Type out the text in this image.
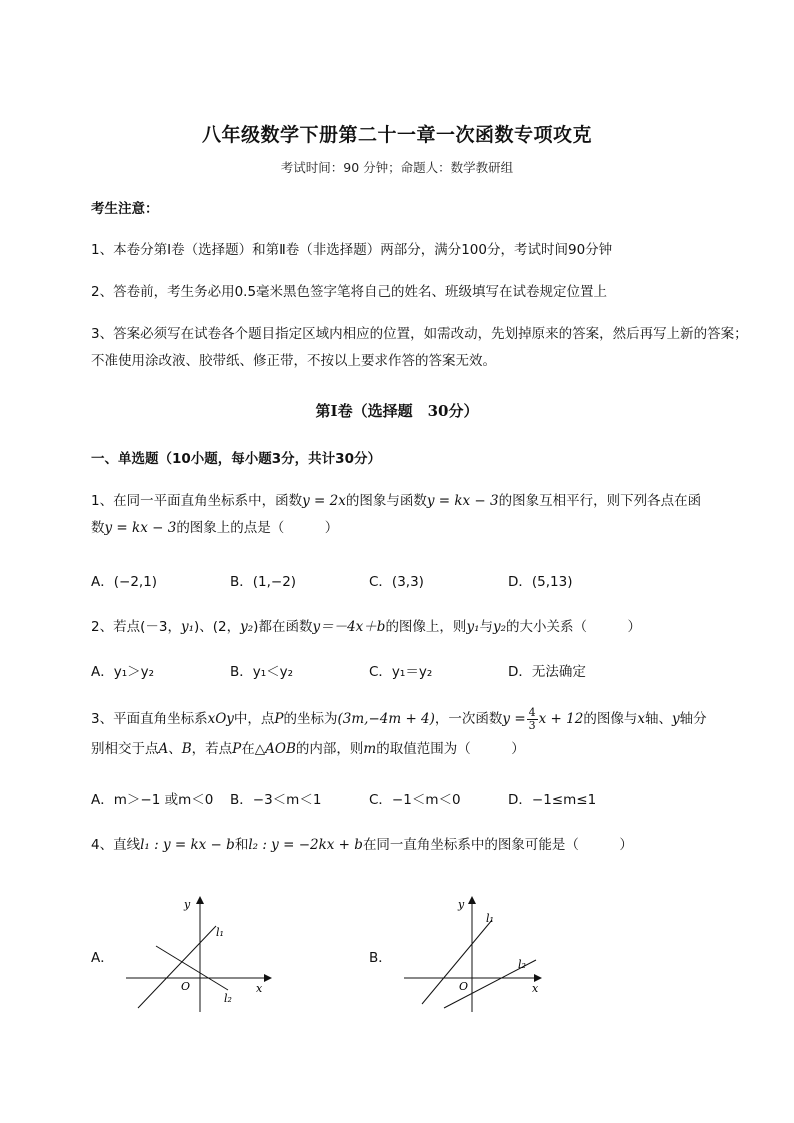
八年级数学下册第二十一章一次函数专项攻克
考试时间：90 分钟；命题人：数学教研组
考生注意：
1、本卷分第Ⅰ卷（选择题）和第Ⅱ卷（非选择题）两部分，满分100分，考试时间90分钟
2、答卷前，考生务必用0.5毫米黑色签字笔将自己的姓名、班级填写在试卷规定位置上
3、答案必须写在试卷各个题目指定区域内相应的位置，如需改动，先划掉原来的答案，然后再写上新的答案；不准使用涂改液、胶带纸、修正带，不按以上要求作答的答案无效。
第Ⅰ卷（选择题　30分）
一、单选题（10小题，每小题3分，共计30分）
1、在同一平面直角坐标系中，函数y = 2x的图象与函数y = kx − 3的图象互相平行，则下列各点在函
数y = kx − 3的图象上的点是（　　　）
A．(−2,1)	B．(1,−2)	C．(3,3)	D．(5,13)
2、若点(－3，y₁)、(2，y₂)都在函数y＝－4x＋b的图像上，则y₁与y₂的大小关系（　　　）
A．y₁＞y₂	B．y₁＜y₂	C．y₁＝y₂	D．无法确定
3、平面直角坐标系xOy中，点P的坐标为(3m,−4m + 4)，一次函数$y = \frac{4}{3}$ x + 12的图像与x轴、y轴分
别相交于点A、B，若点P在△AOB的内部，则m的取值范围为（　　　）
A．m＞−1 或m＜0 B．−3＜m＜1	C．−1＜m＜0	D．−1≤m≤1
4、直线l₁ : y = kx − b和l₂ : y = −2kx + b在同一直角坐标系中的图象可能是（　　　）
A．
y
x
O
l₁
l₂
B．
y
x
O
l₁
l₂
